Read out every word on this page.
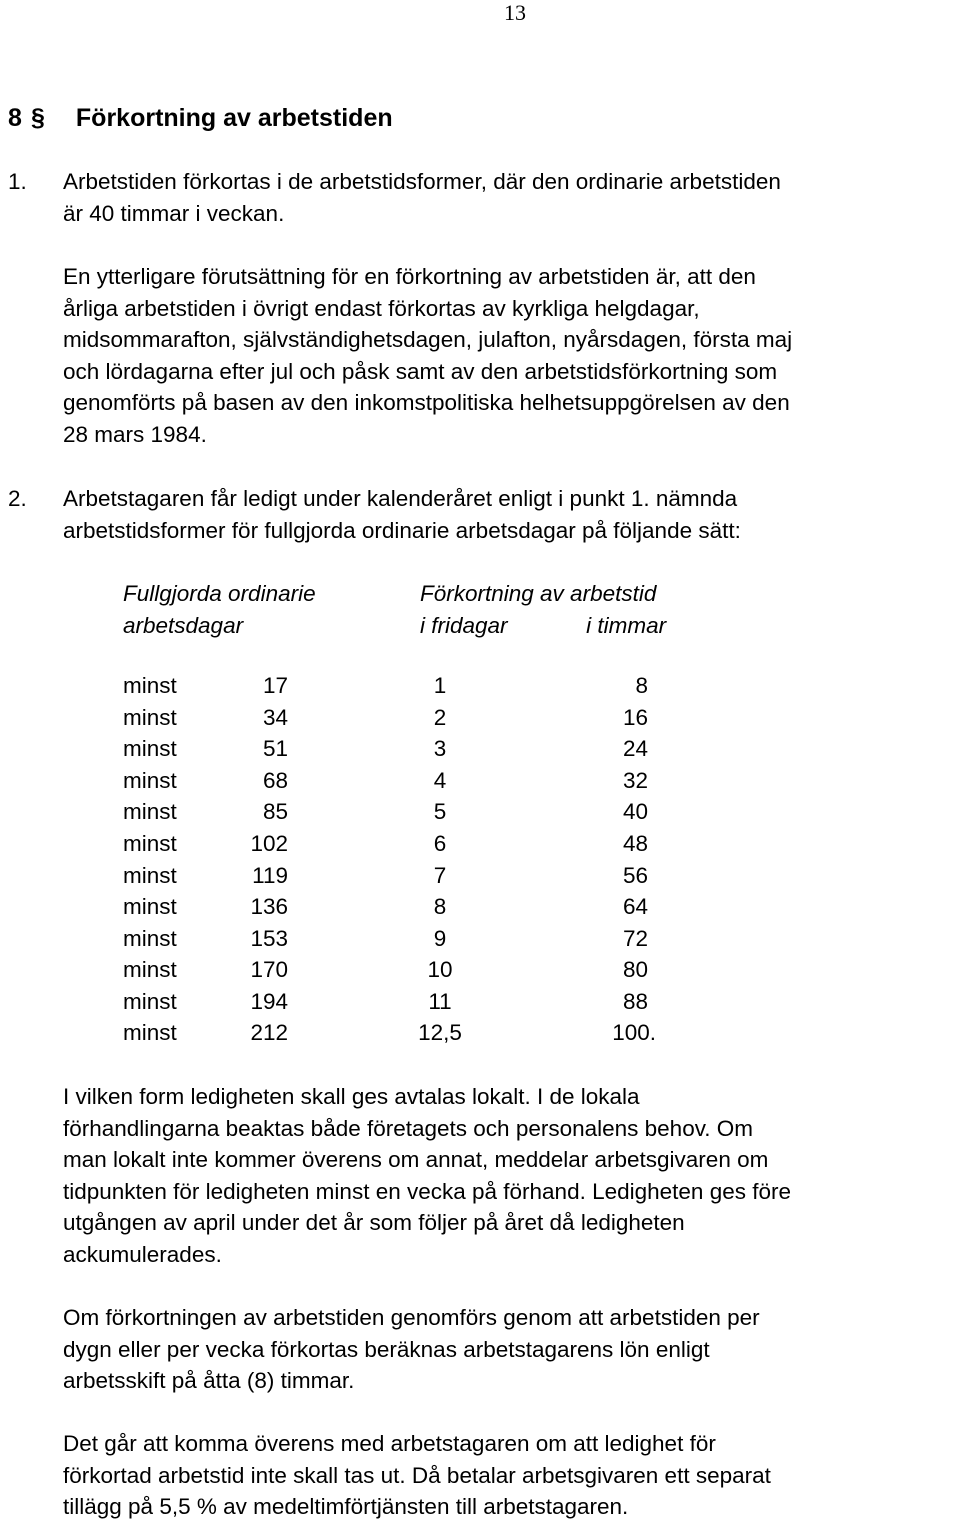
13
8 § Förkortning av arbetstiden
1. Arbetstiden förkortas i de arbetstidsformer, där den ordinarie arbetstiden
är 40 timmar i veckan.
En ytterligare förutsättning för en förkortning av arbetstiden är, att den
årliga arbetstiden i övrigt endast förkortas av kyrkliga helgdagar,
midsommarafton, självständighetsdagen, julafton, nyårsdagen, första maj
och lördagarna efter jul och påsk samt av den arbetstidsförkortning som
genomförts på basen av den inkomstpolitiska helhetsuppgörelsen av den
28 mars 1984.
2. Arbetstagaren får ledigt under kalenderåret enligt i punkt 1. nämnda
arbetstidsformer för fullgjorda ordinarie arbetsdagar på följande sätt:
Fullgjorda ordinarie
arbetsdagar
Förkortning av arbetstid
i fridagar	i timmar
minst	17	1	8
minst	34	2	16
minst	51	3	24
minst	68	4	32
minst	85	5	40
minst	102	6	48
minst	119	7	56
minst	136	8	64
minst	153	9	72
minst	170	10	80
minst	194	11	88
minst	212	12,5	100.
I vilken form ledigheten skall ges avtalas lokalt. I de lokala
förhandlingarna beaktas både företagets och personalens behov. Om
man lokalt inte kommer överens om annat, meddelar arbetsgivaren om
tidpunkten för ledigheten minst en vecka på förhand. Ledigheten ges före
utgången av april under det år som följer på året då ledigheten
ackumulerades.
Om förkortningen av arbetstiden genomförs genom att arbetstiden per
dygn eller per vecka förkortas beräknas arbetstagarens lön enligt
arbetsskift på åtta (8) timmar.
Det går att komma överens med arbetstagaren om att ledighet för
förkortad arbetstid inte skall tas ut. Då betalar arbetsgivaren ett separat
tillägg på 5,5 % av medeltimförtjänsten till arbetstagaren.
